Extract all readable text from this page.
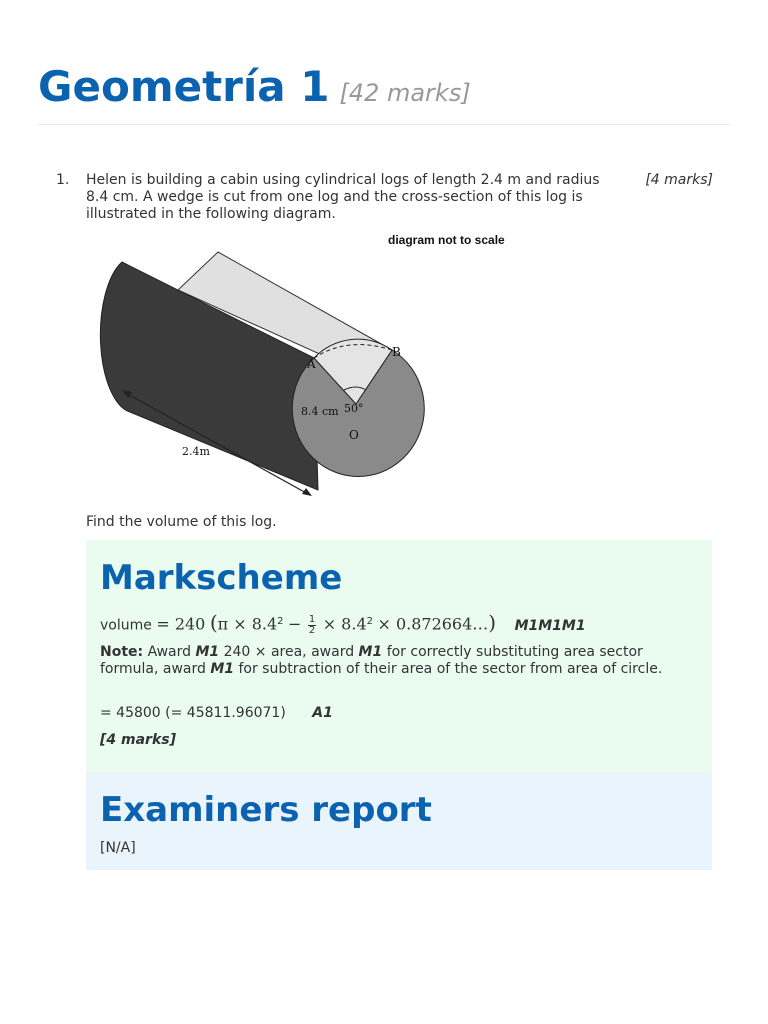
Geometría 1 [42 marks]
1. Helen is building a cabin using cylindrical logs of length 2.4 m and radius 8.4 cm. A wedge is cut from one log and the cross-section of this log is illustrated in the following diagram.
[4 marks]
diagram not to scale
A
B
O
8.4 cm 50°
2.4m
Find the volume of this log.
Markscheme
volume = 240 ($\pi \times 8.4^2 - \frac{1}{2} \times 8.4^2$ × 0.872664…) M1M1M1
Note: Award M1 240 × area, award M1 for correctly substituting area sector formula, award M1 for subtraction of their area of the sector from area of circle.
= 45800 (= 45811.96071) A1
[4 marks]
Examiners report
[N/A]
